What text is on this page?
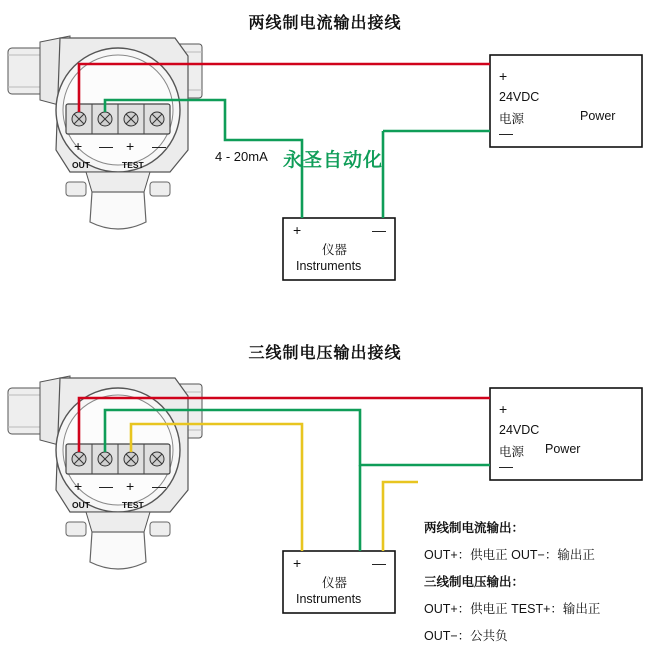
两线制电流输出接线
三线制电压输出接线
+
24VDC
电源	Power
—
+	—
仪器
Instruments
4 - 20mA 永圣自动化
+ — + —
OUT	TEST
+
24VDC
电源 Power
—
+	—
仪器
Instruments
+ — + —
OUT	TEST
两线制电流输出：
OUT+：供电正 OUT−：输出正
三线制电压输出：
OUT+：供电正 TEST+：输出正
OUT−：公共负
